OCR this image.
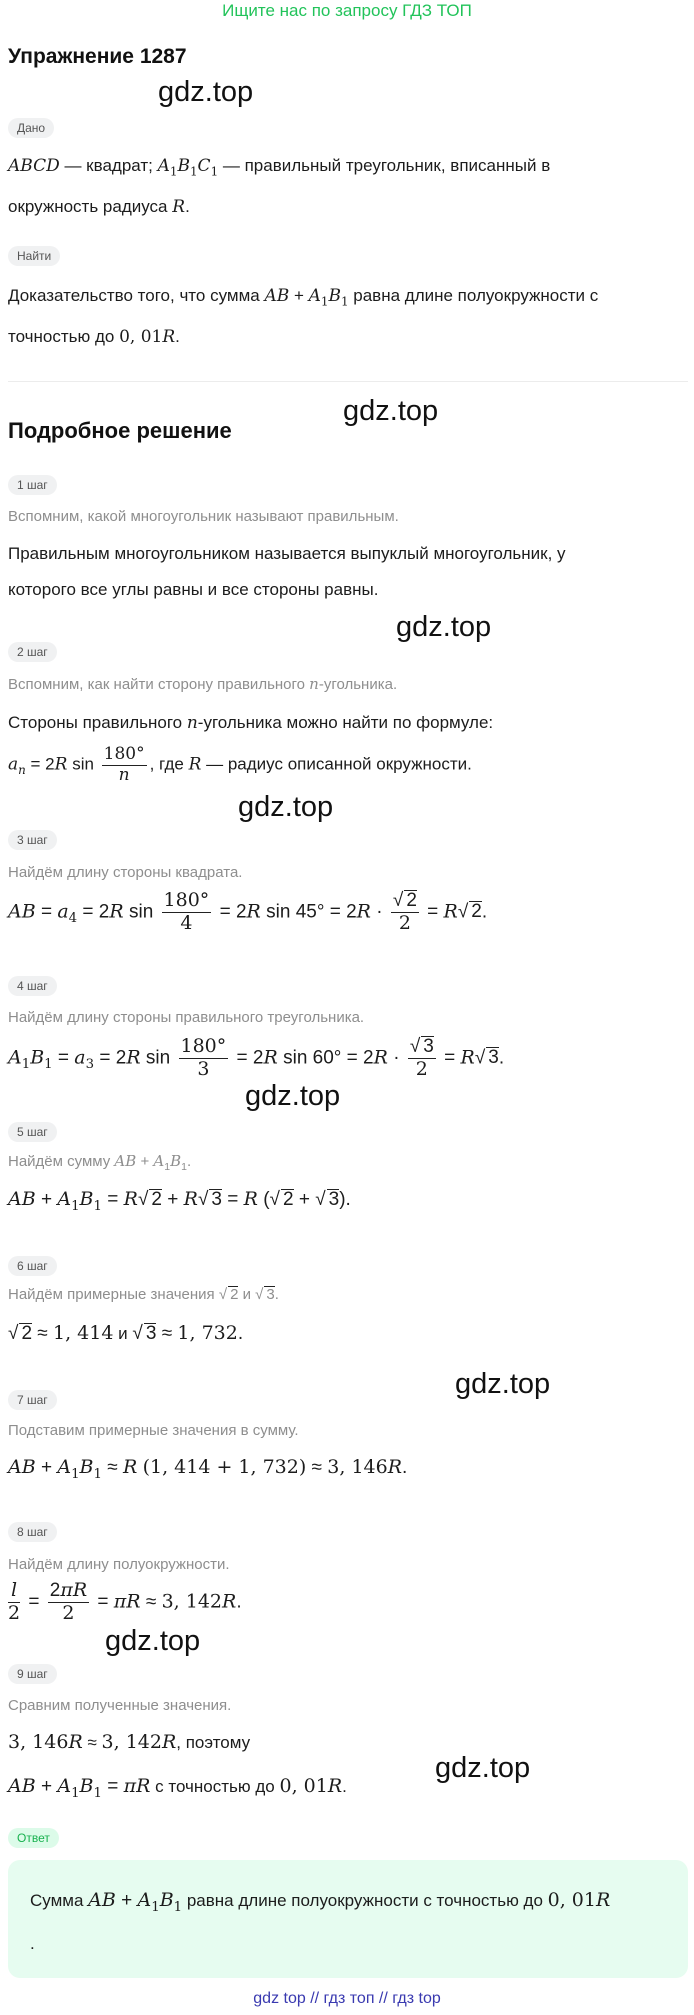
Ищите нас по запросу ГДЗ ТОП
Упражнение 1287
gdz.top
gdz.top
gdz.top
gdz.top
gdz.top
gdz.top
gdz.top
gdz.top
Дано
ABCD — квадрат; $A_1B_1C_1$ — правильный треугольник, вписанный в
окружность радиуса R.
Найти
Доказательство того, что сумма AB + $A_1B_1$ равна длине полуокружности с
точностью до 0, 01R.
Подробное решение
1 шаг
Вспомним, какой многоугольник называют правильным.
Правильным многоугольником называется выпуклый многоугольник, у
которого все углы равны и все стороны равны.
2 шаг
Вспомним, как найти сторону правильного n-угольника.
Стороны правильного n-угольника можно найти по формуле:
$a_n = 2R$ $\sin \frac{180^\circ}{n}$ , где R — радиус описанной окружности.
3 шаг
Найдём длину стороны квадрата.
AB = $a_4 = 2R$ $\sin \frac{180^\circ}{4} = 2R$ $\sin 45^\circ = 2R \cdot \frac{√ 2}{2} = R√$ 2.
4 шаг
Найдём длину стороны правильного треугольника.
$A_1B_1 = a_3 = 2R$ $\sin \frac{180^\circ}{3} = 2R$ $\sin 60^\circ = 2R \cdot \frac{√ 3}{2} = R√$ 3.
5 шаг
Найдём сумму AB + $A_1B_1$.
AB + $A_1B_1 = R√$ 2 + R√ 3 = R (√ 2 + √ 3).
6 шаг
Найдём примерные значения √ 2 и √ 3.
√ 2 ≈ 1, 414 и √ 3 ≈ 1, 732.
7 шаг
Подставим примерные значения в сумму.
AB + $A_1B_1 \approx R$ (1, 414 + 1, 732) ≈ 3, 146R.
8 шаг
Найдём длину полуокружности.
$\frac{l}{2} = \frac{2\pi R}{2} = \pi R \approx 3$, 142R.
9 шаг
Сравним полученные значения.
3, 146R ≈ 3, 142R, поэтому
AB + $A_1B_1 = \pi R$ с точностью до 0, 01R.
Ответ
Сумма AB + $A_1B_1$ равна длине полуокружности с точностью до 0, 01R
.
gdz top // гдз топ // гдз top
